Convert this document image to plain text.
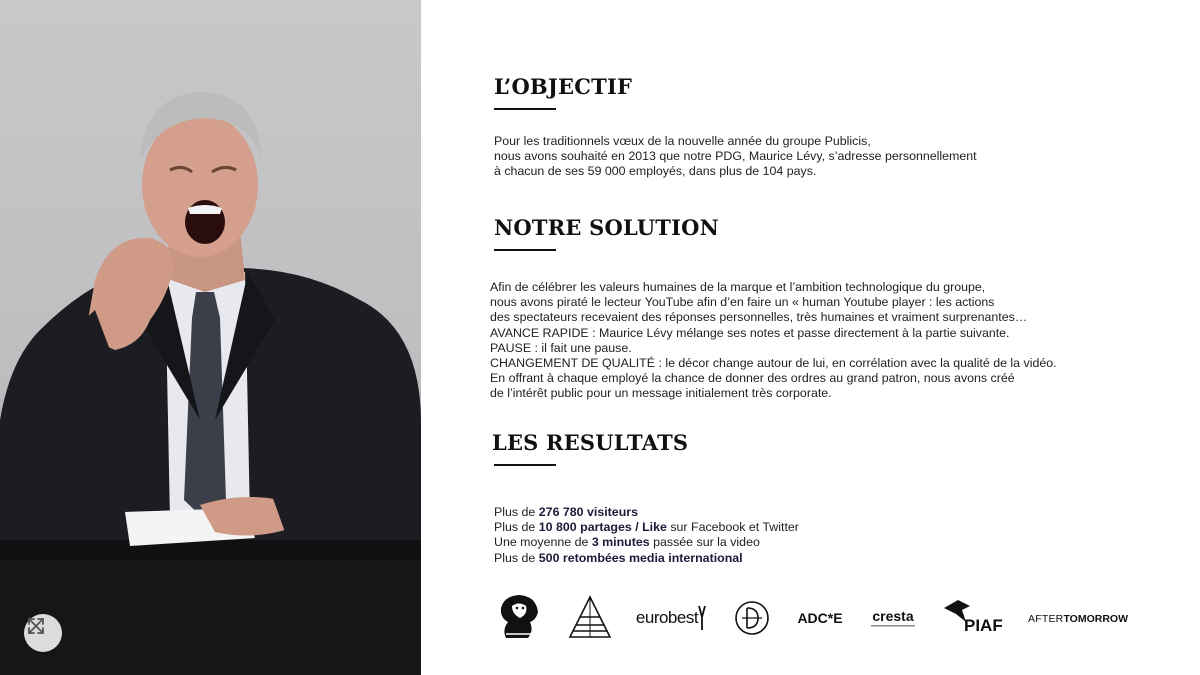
L’OBJECTIF
Pour les traditionnels vœux de la nouvelle année du groupe Publicis,
nous avons souhaité en 2013 que notre PDG, Maurice Lévy, s’adresse personnellement
à chacun de ses 59 000 employés, dans plus de 104 pays.
NOTRE SOLUTION
Afin de célébrer les valeurs humaines de la marque et l’ambition technologique du groupe,
nous avons piraté le lecteur YouTube afin d’en faire un « human Youtube player : les actions
des spectateurs recevaient des réponses personnelles, très humaines et vraiment surprenantes…
AVANCE RAPIDE : Maurice Lévy mélange ses notes et passe directement à la partie suivante.
PAUSE : il fait une pause.
CHANGEMENT DE QUALITÉ : le décor change autour de lui, en corrélation avec la qualité de la vidéo.
En offrant à chaque employé la chance de donner des ordres au grand patron, nous avons créé
de l’intérêt public pour un message initialement très corporate.
LES RESULTATS
Plus de 276 780 visiteurs
Plus de 10 800 partages / Like sur Facebook et Twitter
Une moyenne de 3 minutes passée sur la video
Plus de 500 retombées media international
eurobest	ADC*E cresta
PIAF AFTER TOMORROW
